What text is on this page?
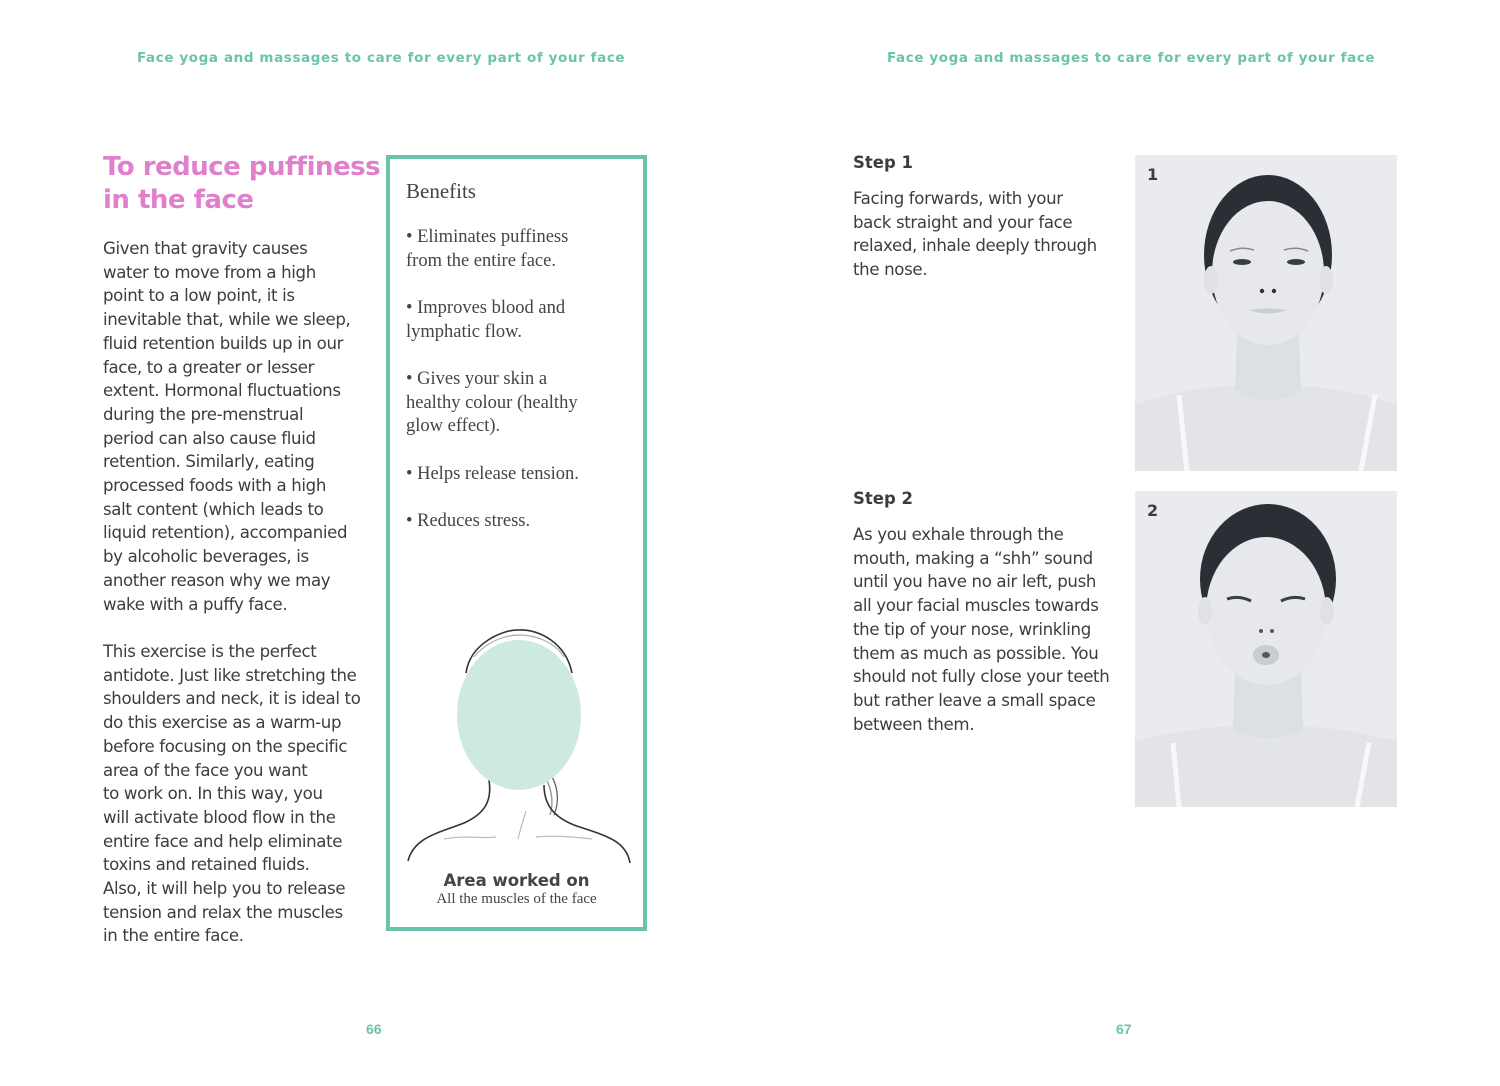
Face yoga and massages to care for every part of your face
To reduce puffiness
in the face
Given that gravity causes
water to move from a high
point to a low point, it is
inevitable that, while we sleep,
fluid retention builds up in our
face, to a greater or lesser
extent. Hormonal fluctuations
during the pre-menstrual
period can also cause fluid
retention. Similarly, eating
processed foods with a high
salt content (which leads to
liquid retention), accompanied
by alcoholic beverages, is
another reason why we may
wake with a puffy face.
This exercise is the perfect
antidote. Just like stretching the
shoulders and neck, it is ideal to
do this exercise as a warm-up
before focusing on the specific
area of the face you want
to work on. In this way, you
will activate blood flow in the
entire face and help eliminate
toxins and retained fluids.
Also, it will help you to release
tension and relax the muscles
in the entire face.
Benefits
• Eliminates puffiness
from the entire face.
• Improves blood and
lymphatic flow.
• Gives your skin a
healthy colour (healthy
glow effect).
• Helps release tension.
• Reduces stress.
Area worked on
All the muscles of the face
66
Face yoga and massages to care for every part of your face
Step 1
Facing forwards, with your
back straight and your face
relaxed, inhale deeply through
the nose.
1
Step 2
As you exhale through the
mouth, making a “shh” sound
until you have no air left, push
all your facial muscles towards
the tip of your nose, wrinkling
them as much as possible. You
should not fully close your teeth
but rather leave a small space
between them.
2
67
